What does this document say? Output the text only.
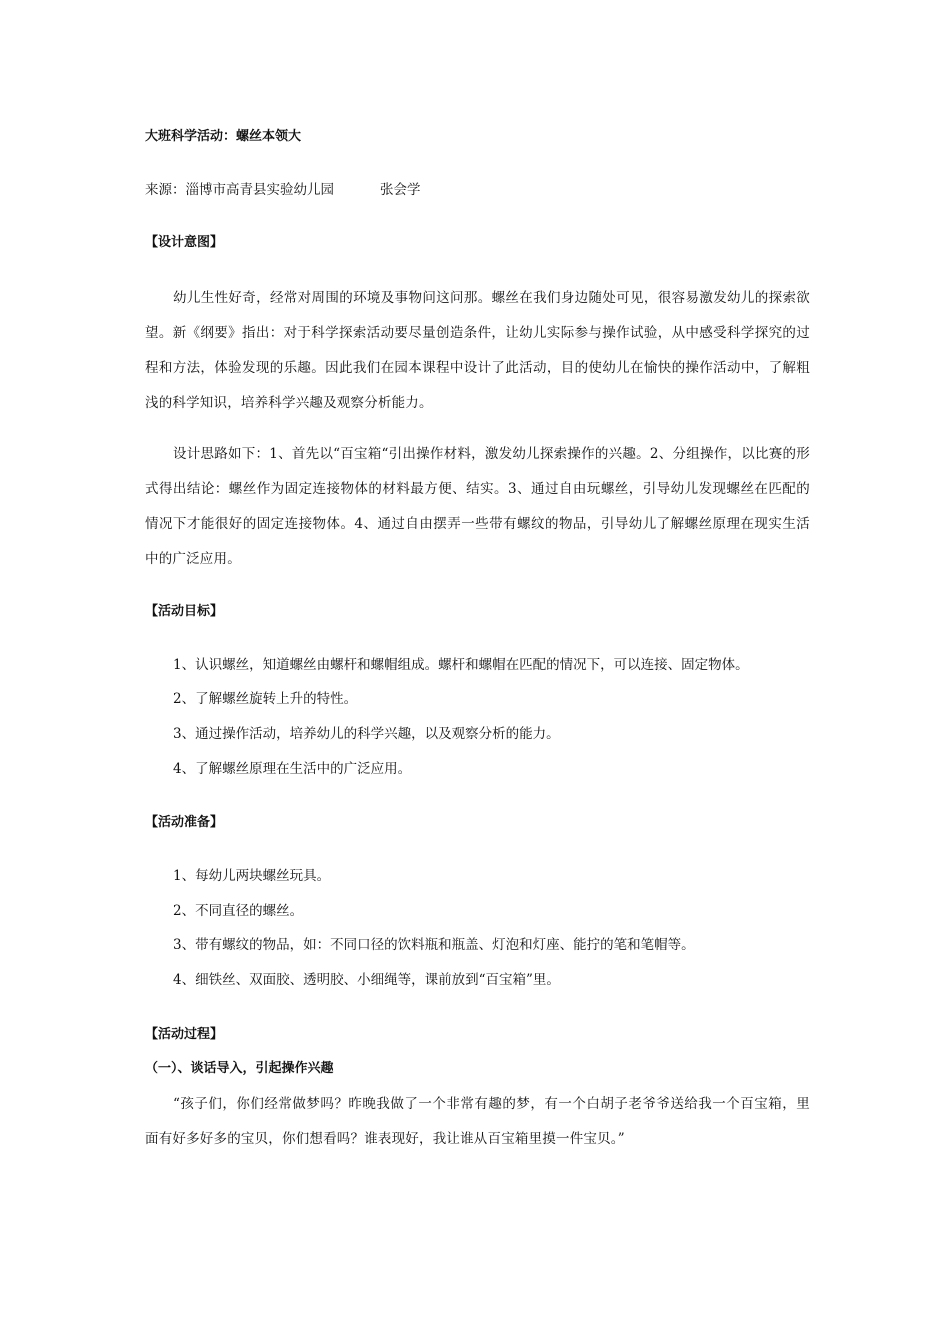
大班科学活动：螺丝本领大
来源：淄博市高青县实验幼儿园	张会学
【设计意图】
幼儿生性好奇，经常对周围的环境及事物问这问那。螺丝在我们身边随处可见，很容易激发幼儿的探索欲望。新《纲要》指出：对于科学探索活动要尽量创造条件，让幼儿实际参与操作试验，从中感受科学探究的过程和方法，体验发现的乐趣。因此我们在园本课程中设计了此活动，目的使幼儿在愉快的操作活动中，了解粗浅的科学知识，培养科学兴趣及观察分析能力。
设计思路如下：1、首先以“百宝箱“引出操作材料，激发幼儿探索操作的兴趣。2、分组操作，以比赛的形式得出结论：螺丝作为固定连接物体的材料最方便、结实。3、通过自由玩螺丝，引导幼儿发现螺丝在匹配的情况下才能很好的固定连接物体。4、通过自由摆弄一些带有螺纹的物品，引导幼儿了解螺丝原理在现实生活中的广泛应用。
【活动目标】
1、认识螺丝，知道螺丝由螺杆和螺帽组成。螺杆和螺帽在匹配的情况下，可以连接、固定物体。
2、了解螺丝旋转上升的特性。
3、通过操作活动，培养幼儿的科学兴趣，以及观察分析的能力。
4、了解螺丝原理在生活中的广泛应用。
【活动准备】
1、每幼儿两块螺丝玩具。
2、不同直径的螺丝。
3、带有螺纹的物品，如：不同口径的饮料瓶和瓶盖、灯泡和灯座、能拧的笔和笔帽等。
4、细铁丝、双面胶、透明胶、小细绳等，课前放到“百宝箱”里。
【活动过程】
（一）、谈话导入，引起操作兴趣
“孩子们，你们经常做梦吗？昨晚我做了一个非常有趣的梦，有一个白胡子老爷爷送给我一个百宝箱，里面有好多好多的宝贝，你们想看吗？谁表现好，我让谁从百宝箱里摸一件宝贝。”
